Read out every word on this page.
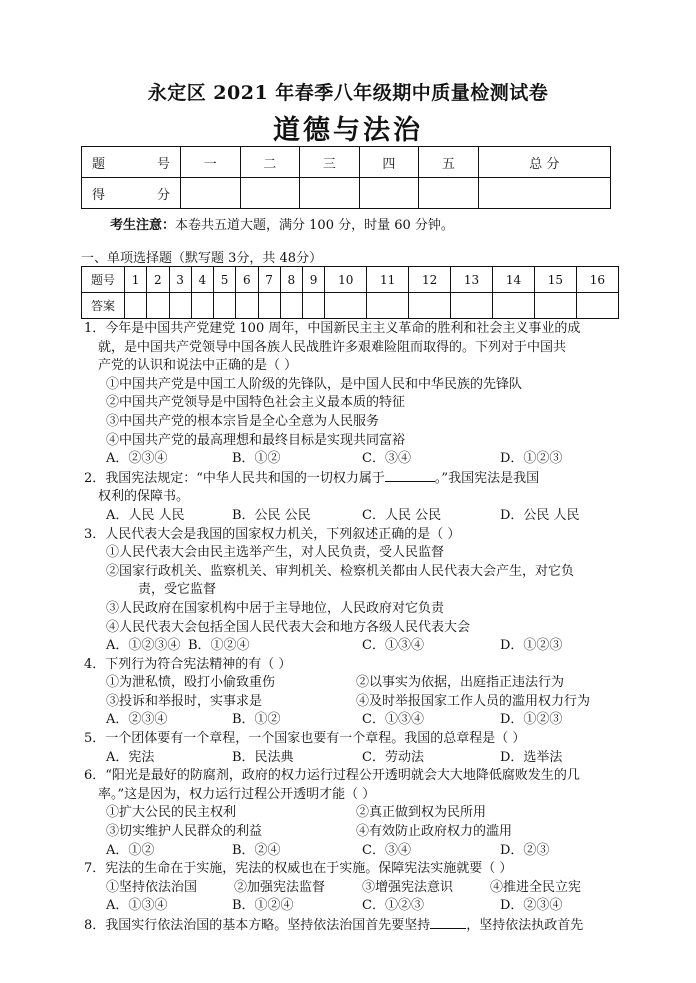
永定区 2021 年春季八年级期中质量检测试卷
道德与法治
题 号	一	二	三	四	五	总 分
得 分						
考生注意：本卷共五道大题，满分 100 分，时量 60 分钟。
一、单项选择题（默写题 3分，共 48分）
题号	1	2	3	4	5	6	7	8	9	10	11	12	13	14	15	16
答案																
1．今年是中国共产党建党 100 周年，中国新民主主义革命的胜利和社会主义事业的成
就，是中国共产党领导中国各族人民战胜许多艰难险阻而取得的。下列对于中国共
产党的认识和说法中正确的是（ ）
①中国共产党是中国工人阶级的先锋队，是中国人民和中华民族的先锋队
②中国共产党领导是中国特色社会主义最本质的特征
③中国共产党的根本宗旨是全心全意为人民服务
④中国共产党的最高理想和最终目标是实现共同富裕
A．②③④	B．①②	C．③④	D．①②③
2．我国宪法规定：“中华人民共和国的一切权力属于	。”我国宪法是我国
权利的保障书。
A．人民 人民	B．公民 公民	C．人民 公民	D．公民 人民
3．人民代表大会是我国的国家权力机关，下列叙述正确的是（ ）
①人民代表大会由民主选举产生，对人民负责，受人民监督
②国家行政机关、监察机关、审判机关、检察机关都由人民代表大会产生，对它负
责，受它监督
③人民政府在国家机构中居于主导地位，人民政府对它负责
④人民代表大会包括全国人民代表大会和地方各级人民代表大会
A．①②③④ B．①②④	C．①③④	D．①②③
4．下列行为符合宪法精神的有（ ）
①为泄私愤，殴打小偷致重伤	②以事实为依据，出庭指正违法行为
③投诉和举报时，实事求是	④及时举报国家工作人员的滥用权力行为
A．②③④	B．①②	C．①③④	D．①②③
5．一个团体要有一个章程，一个国家也要有一个章程。我国的总章程是（ ）
A．宪法	B．民法典	C．劳动法	D．选举法
6．“阳光是最好的防腐剂，政府的权力运行过程公开透明就会大大地降低腐败发生的几
率。”这是因为，权力运行过程公开透明才能（ ）
①扩大公民的民主权利	②真正做到权为民所用
③切实维护人民群众的利益	④有效防止政府权力的滥用
A．①②	B．②④	C．③④	D．②③
7．宪法的生命在于实施，宪法的权威也在于实施。保障宪法实施就要（ ）
①坚持依法治国	②加强宪法监督	③增强宪法意识	④推进全民立宪
A．①③④	B．①②④	C．①②③	D．②③④
8．我国实行依法治国的基本方略。坚持依法治国首先要坚持	，坚持依法执政首先
